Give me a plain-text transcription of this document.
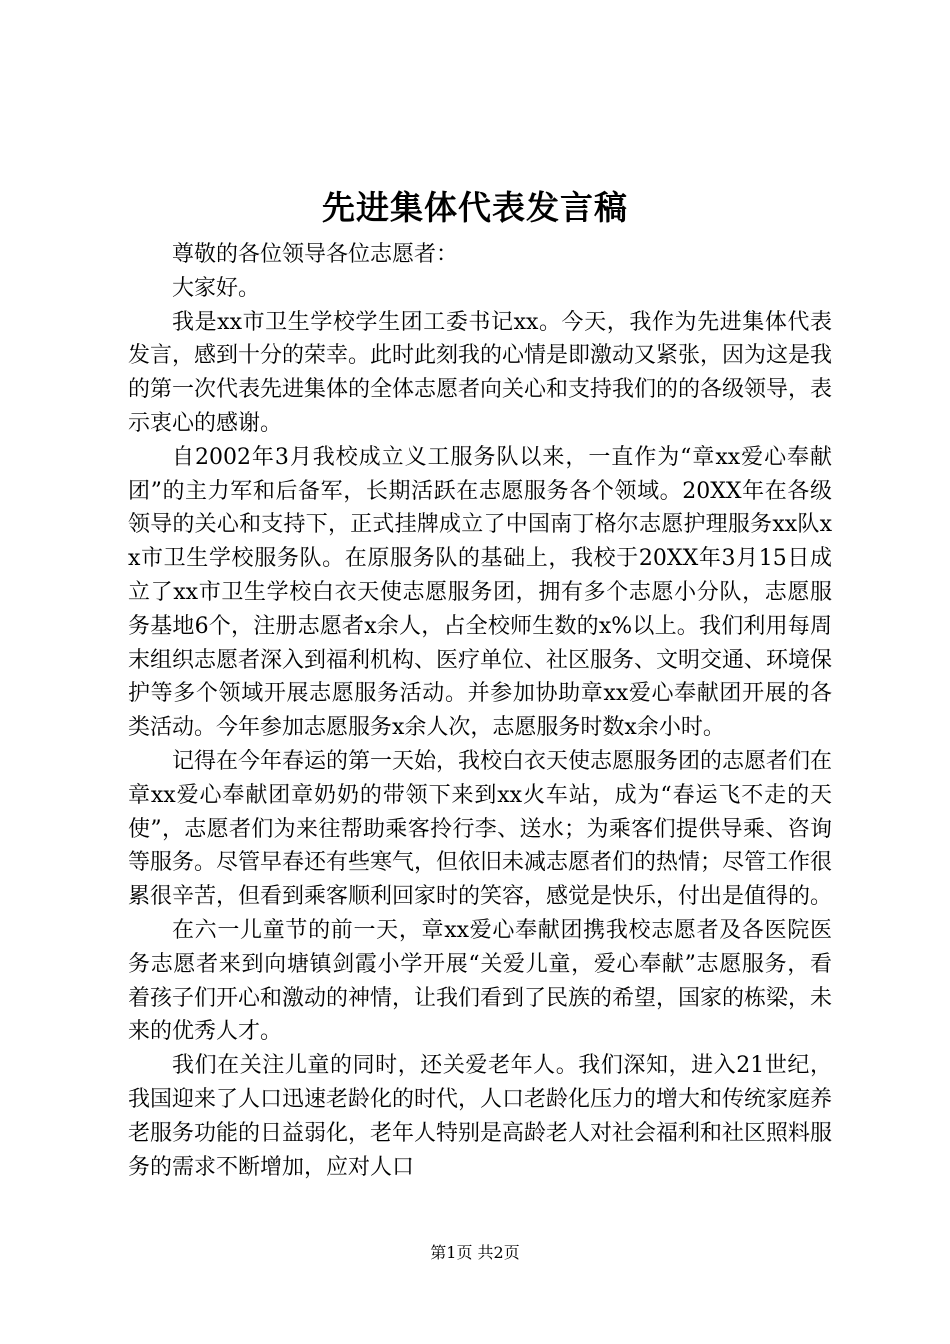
先进集体代表发言稿

尊敬的各位领导各位志愿者：

大家好。

我是xx市卫生学校学生团工委书记xx。今天，我作为先进集体代表发言，感到十分的荣幸。此时此刻我的心情是即激动又紧张，因为这是我的第一次代表先进集体的全体志愿者向关心和支持我们的的各级领导，表示衷心的感谢。

自2002年3月我校成立义工服务队以来，一直作为“章xx爱心奉献团”的主力军和后备军，长期活跃在志愿服务各个领域。20XX年在各级领导的关心和支持下，正式挂牌成立了中国南丁格尔志愿护理服务xx队xx市卫生学校服务队。在原服务队的基础上，我校于20XX年3月15日成立了xx市卫生学校白衣天使志愿服务团，拥有多个志愿小分队，志愿服务基地6个，注册志愿者x余人，占全校师生数的x%以上。我们利用每周末组织志愿者深入到福利机构、医疗单位、社区服务、文明交通、环境保护等多个领域开展志愿服务活动。并参加协助章xx爱心奉献团开展的各类活动。今年参加志愿服务x余人次，志愿服务时数x余小时。

记得在今年春运的第一天始，我校白衣天使志愿服务团的志愿者们在章xx爱心奉献团章奶奶的带领下来到xx火车站，成为“春运飞不走的天使”，志愿者们为来往帮助乘客拎行李、送水；为乘客们提供导乘、咨询等服务。尽管早春还有些寒气，但依旧未减志愿者们的热情；尽管工作很累很辛苦，但看到乘客顺利回家时的笑容，感觉是快乐，付出是值得的。

在六一儿童节的前一天，章xx爱心奉献团携我校志愿者及各医院医务志愿者来到向塘镇剑霞小学开展“关爱儿童，爱心奉献”志愿服务，看着孩子们开心和激动的神情，让我们看到了民族的希望，国家的栋梁，未来的优秀人才。

我们在关注儿童的同时，还关爱老年人。我们深知，进入21世纪，我国迎来了人口迅速老龄化的时代，人口老龄化压力的增大和传统家庭养老服务功能的日益弱化，老年人特别是高龄老人对社会福利和社区照料服务的需求不断增加，应对人口

第1页 共2页
